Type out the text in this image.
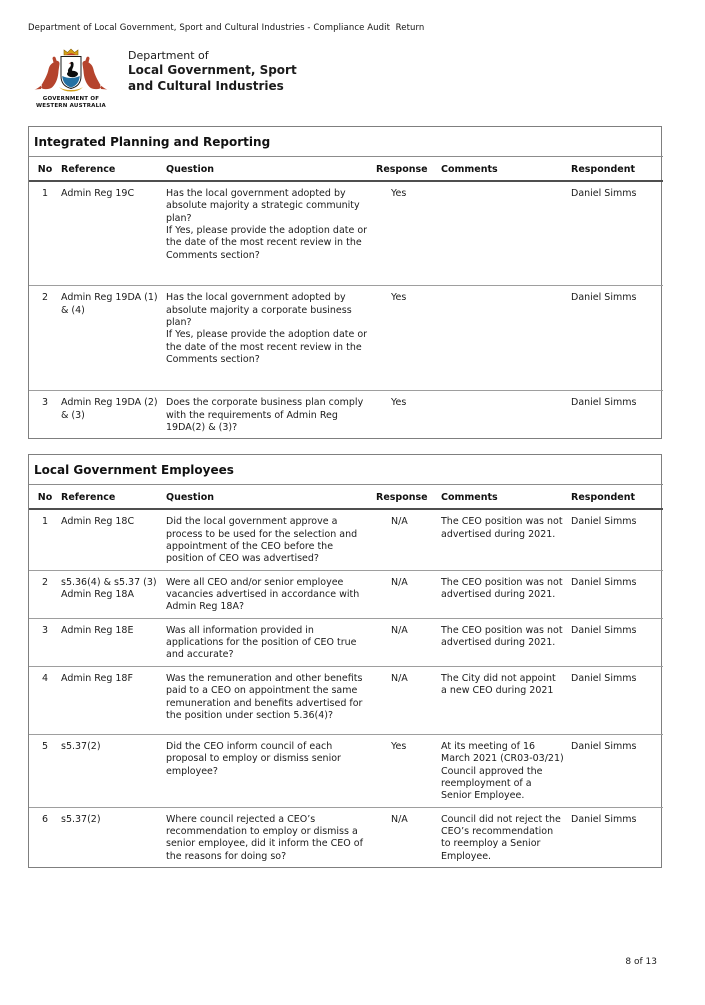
Department of Local Government, Sport and Cultural Industries - Compliance Audit  Return
GOVERNMENT OF
WESTERN AUSTRALIA
Department of
Local Government, Sport
and Cultural Industries
Integrated Planning and Reporting
No	Reference	Question	Response	Comments	Respondent
1	Admin Reg 19C	Has the local government adopted by absolute majority a strategic community plan?
If Yes, please provide the adoption date or the date of the most recent review in the Comments section?	Yes		Daniel Simms
2	Admin Reg 19DA (1) & (4)	Has the local government adopted by absolute majority a corporate business plan?
If Yes, please provide the adoption date or the date of the most recent review in the Comments section?	Yes		Daniel Simms
3	Admin Reg 19DA (2) & (3)	Does the corporate business plan comply with the requirements of Admin Reg 19DA(2) & (3)?	Yes		Daniel Simms
Local Government Employees
No	Reference	Question	Response	Comments	Respondent
1	Admin Reg 18C	Did the local government approve a process to be used for the selection and appointment of the CEO before the position of CEO was advertised?	N/A	The CEO position was not advertised during 2021.	Daniel Simms
2	s5.36(4) & s5.37 (3)  Admin Reg 18A	Were all CEO and/or senior employee vacancies advertised in accordance with Admin Reg 18A?	N/A	The CEO position was not advertised during 2021.	Daniel Simms
3	Admin Reg 18E	Was all information provided in applications for the position of CEO true and accurate?	N/A	The CEO position was not advertised during 2021.	Daniel Simms
4	Admin Reg 18F	Was the remuneration and other benefits paid to a CEO on appointment the same remuneration and benefits advertised for the position under section 5.36(4)?	N/A	The City did not appoint a new CEO during 2021	Daniel Simms
5	s5.37(2)	Did the CEO inform council of each proposal to employ or dismiss senior employee?	Yes	At its meeting of 16 March 2021 (CR03-03/21) Council approved the reemployment of a Senior Employee.	Daniel Simms
6	s5.37(2)	Where council rejected a CEO’s recommendation to employ or dismiss a senior employee, did it inform the CEO of the reasons for doing so?	N/A	Council did not reject the CEO’s recommendation to reemploy a Senior Employee.	Daniel Simms
8 of 13
